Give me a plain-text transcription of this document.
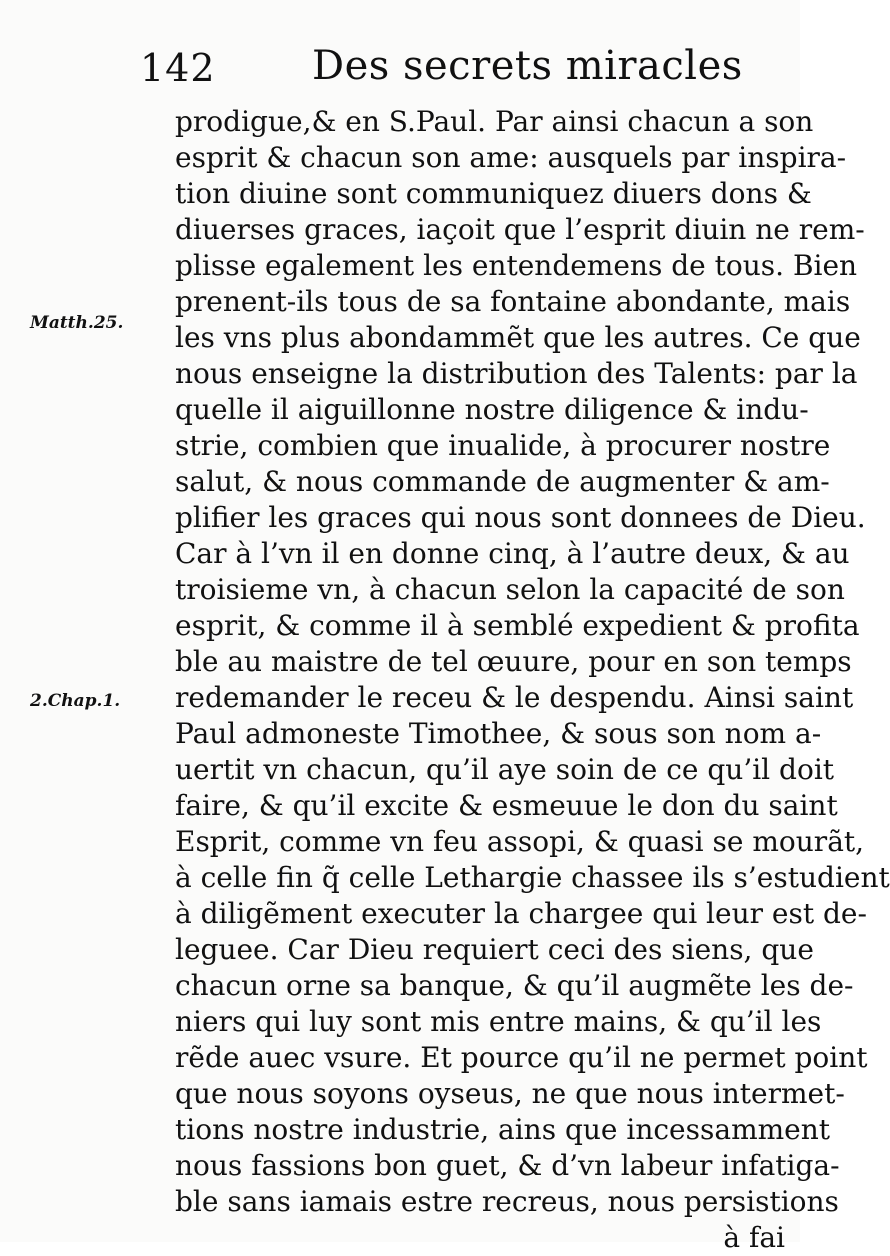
142 Des secrets miracles
Matth.25.
2.Chap.1.
prodigue,& en S.Paul. Par ainsi chacun a son
esprit & chacun son ame: ausquels par inspira-
tion diuine sont communiquez diuers dons &
diuerses graces, iaçoit que l’esprit diuin ne rem-
plisse egalement les entendemens de tous. Bien
prenent-ils tous de sa fontaine abondante, mais
les vns plus abondammẽt que les autres. Ce que
nous enseigne la distribution des Talents: par la
quelle il aiguillonne nostre diligence & indu-
strie, combien que inualide, à procurer nostre
salut, & nous commande de augmenter & am-
plifier les graces qui nous sont donnees de Dieu.
Car à l’vn il en donne cinq, à l’autre deux, & au
troisieme vn, à chacun selon la capacité de son
esprit, & comme il à semblé expedient & profita
ble au maistre de tel œuure, pour en son temps
redemander le receu & le despendu. Ainsi saint
Paul admoneste Timothee, & sous son nom a-
uertit vn chacun, qu’il aye soin de ce qu’il doit
faire, & qu’il excite & esmeuue le don du saint
Esprit, comme vn feu assopi, & quasi se mourãt,
à celle fin q̃ celle Lethargie chassee ils s’estudient
à diligẽment executer la chargee qui leur est de-
leguee. Car Dieu requiert ceci des siens, que
chacun orne sa banque, & qu’il augmẽte les de-
niers qui luy sont mis entre mains, & qu’il les
rẽde auec vsure. Et pource qu’il ne permet point
que nous soyons oyseus, ne que nous intermet-
tions nostre industrie, ains que incessamment
nous fassions bon guet, & d’vn labeur infatiga-
ble sans iamais estre recreus, nous persistions
à fai
